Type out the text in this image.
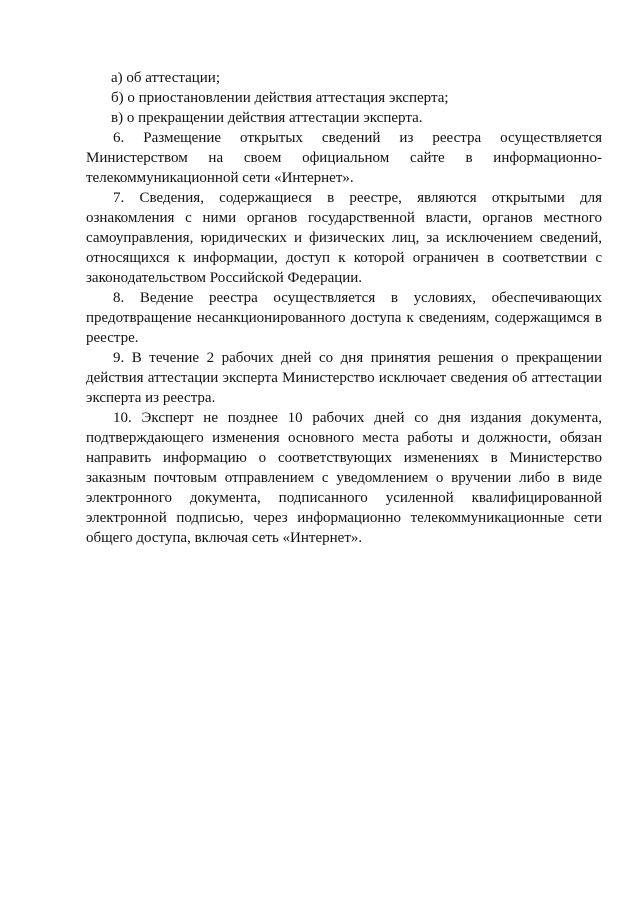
а) об аттестации;

б) о приостановлении действия аттестация эксперта;

в) о прекращении действия аттестации эксперта.

6. Размещение открытых сведений из реестра осуществляется Министерством на своем официальном сайте в информационно-телекоммуникационной сети «Интернет».

7. Сведения, содержащиеся в реестре, являются открытыми для ознакомления с ними органов государственной власти, органов местного самоуправления, юридических и физических лиц, за исключением сведений, относящихся к информации, доступ к которой ограничен в соответствии с законодательством Российской Федерации.

8. Ведение реестра осуществляется в условиях, обеспечивающих предотвращение несанкционированного доступа к сведениям, содержащимся в реестре.

9. В течение 2 рабочих дней со дня принятия решения о прекращении действия аттестации эксперта Министерство исключает сведения об аттестации эксперта из реестра.

10. Эксперт не позднее 10 рабочих дней со дня издания документа, подтверждающего изменения основного места работы и должности, обязан направить информацию о соответствующих изменениях в Министерство заказным почтовым отправлением с уведомлением о вручении либо в виде электронного документа, подписанного усиленной квалифицированной электронной подписью, через информационно телекоммуникационные сети общего доступа, включая сеть «Интернет».
